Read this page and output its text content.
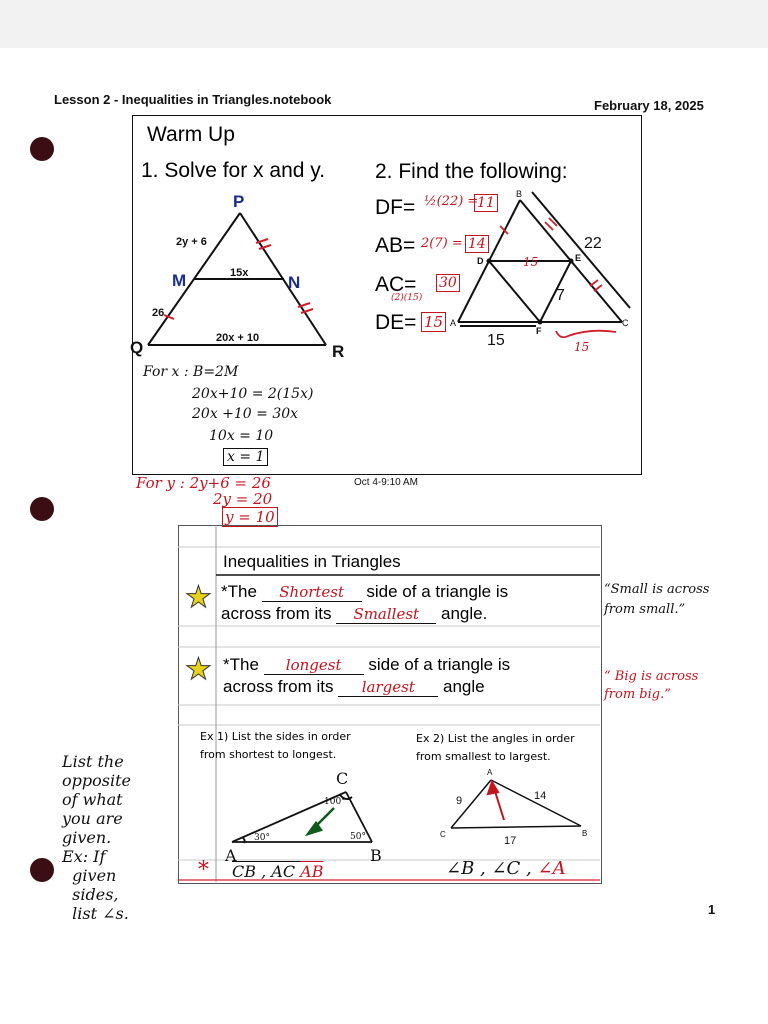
Lesson 2 - Inequalities in Triangles.notebook	February 18, 2025
1
Warm Up
1. Solve for x and y. 2. Find the following:
P
M	N
Q	R
2y + 6
15x
26
20x + 10
For x : B=2M
20x+10 = 2(15x)
20x +10 = 30x
10x = 10
x = 1
For y : 2y+6 = 26
2y = 20
y = 10
Oct 4-9:10 AM
DF= ½(22) =
11
AB= 2(7) = 14
AC= 30
(2)(15)
DE= 15
B
D	E
A
F
C
22
15
7
15	15
Inequalities in Triangles
★ *The Shortest side of a triangle is
across from its Smallest angle.
★ *The longest side of a triangle is
across from its largest angle
“Small is across
from small.”
“ Big is across
from big.”
Ex 1) List the sides in order
from shortest to longest.
Ex 2) List the angles in order
from smallest to largest.
C
A	B
100°
30°	50°
A
C	B
14
9
17
* CB , AC AB	∠B , ∠C , ∠A
List the
opposite
of what
you are
given.
Ex: If
given
sides,
list ∠s.
